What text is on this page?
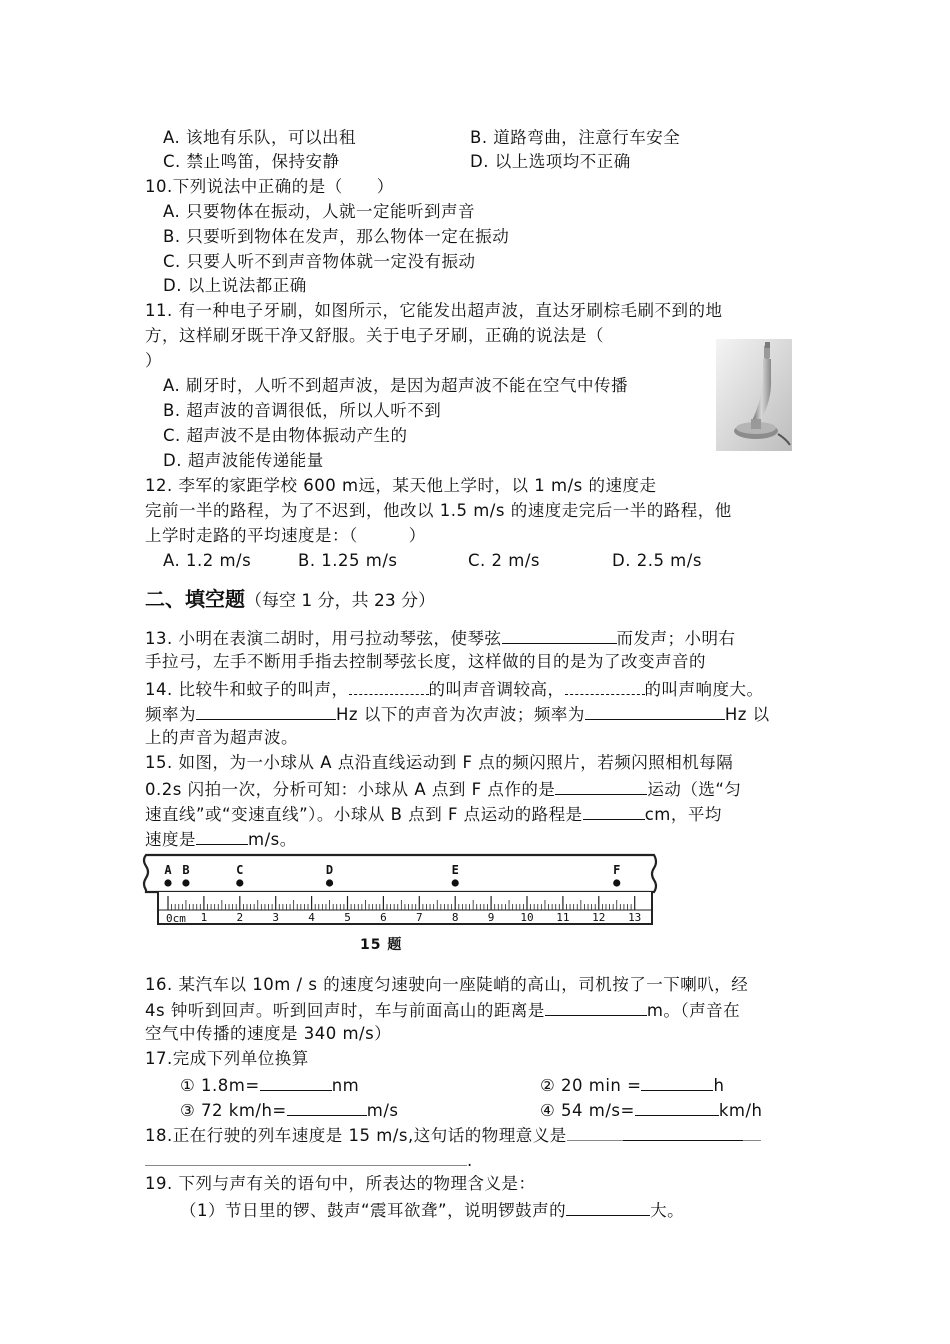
A. 该地有乐队，可以出租	B. 道路弯曲，注意行车安全
C. 禁止鸣笛，保持安静	D. 以上选项均不正确
10.下列说法中正确的是（　　）
A. 只要物体在振动，人就一定能听到声音
B. 只要听到物体在发声，那么物体一定在振动
C. 只要人听不到声音物体就一定没有振动
D. 以上说法都正确
11. 有一种电子牙刷，如图所示，它能发出超声波，直达牙刷棕毛刷不到的地
方，这样刷牙既干净又舒服。关于电子牙刷，正确的说法是（
）
A. 刷牙时，人听不到超声波，是因为超声波不能在空气中传播
B. 超声波的音调很低，所以人听不到
C. 超声波不是由物体振动产生的
D. 超声波能传递能量
12. 李军的家距学校 600 m远，某天他上学时，以 1 m/s 的速度走
完前一半的路程，为了不迟到，他改以 1.5 m/s 的速度走完后一半的路程，他
上学时走路的平均速度是：（　　　）
A. 1.2 m/s	B. 1.25 m/s	C. 2 m/s	D. 2.5 m/s
二、填空题（每空 1 分，共 23 分）
13. 小明在表演二胡时，用弓拉动琴弦，使琴弦	而发声；小明右
手拉弓，左手不断用手指去控制琴弦长度，这样做的目的是为了改变声音的
14. 比较牛和蚊子的叫声，	的叫声音调较高，	的叫声响度大。
频率为	Hz 以下的声音为次声波；频率为	Hz 以
上的声音为超声波。
15. 如图，为一小球从 A 点沿直线运动到 F 点的频闪照片，若频闪照相机每隔
0.2s 闪拍一次，分析可知：小球从 A 点到 F 点作的是	运动（选“匀
速直线”或“变速直线”）。小球从 B 点到 F 点运动的路程是	cm，平均
速度是	m/s。
0cm 1	2	3	4	5	6	7	8	9 10 11 12 13
A B	C	D	E	F
15 题
16. 某汽车以 10m / s 的速度匀速驶向一座陡峭的高山，司机按了一下喇叭，经
4s 钟听到回声。听到回声时，车与前面高山的距离是	m。（声音在
空气中传播的速度是 340 m/s）
17.完成下列单位换算
① 1.8m=	nm	② 20 min =	h
③ 72 km/h=	m/s	④ 54 m/s=	km/h
18.正在行驶的列车速度是 15 m/s,这句话的物理意义是
.
19. 下列与声有关的语句中，所表达的物理含义是：
（1）节日里的锣、鼓声“震耳欲聋”，说明锣鼓声的	大。
